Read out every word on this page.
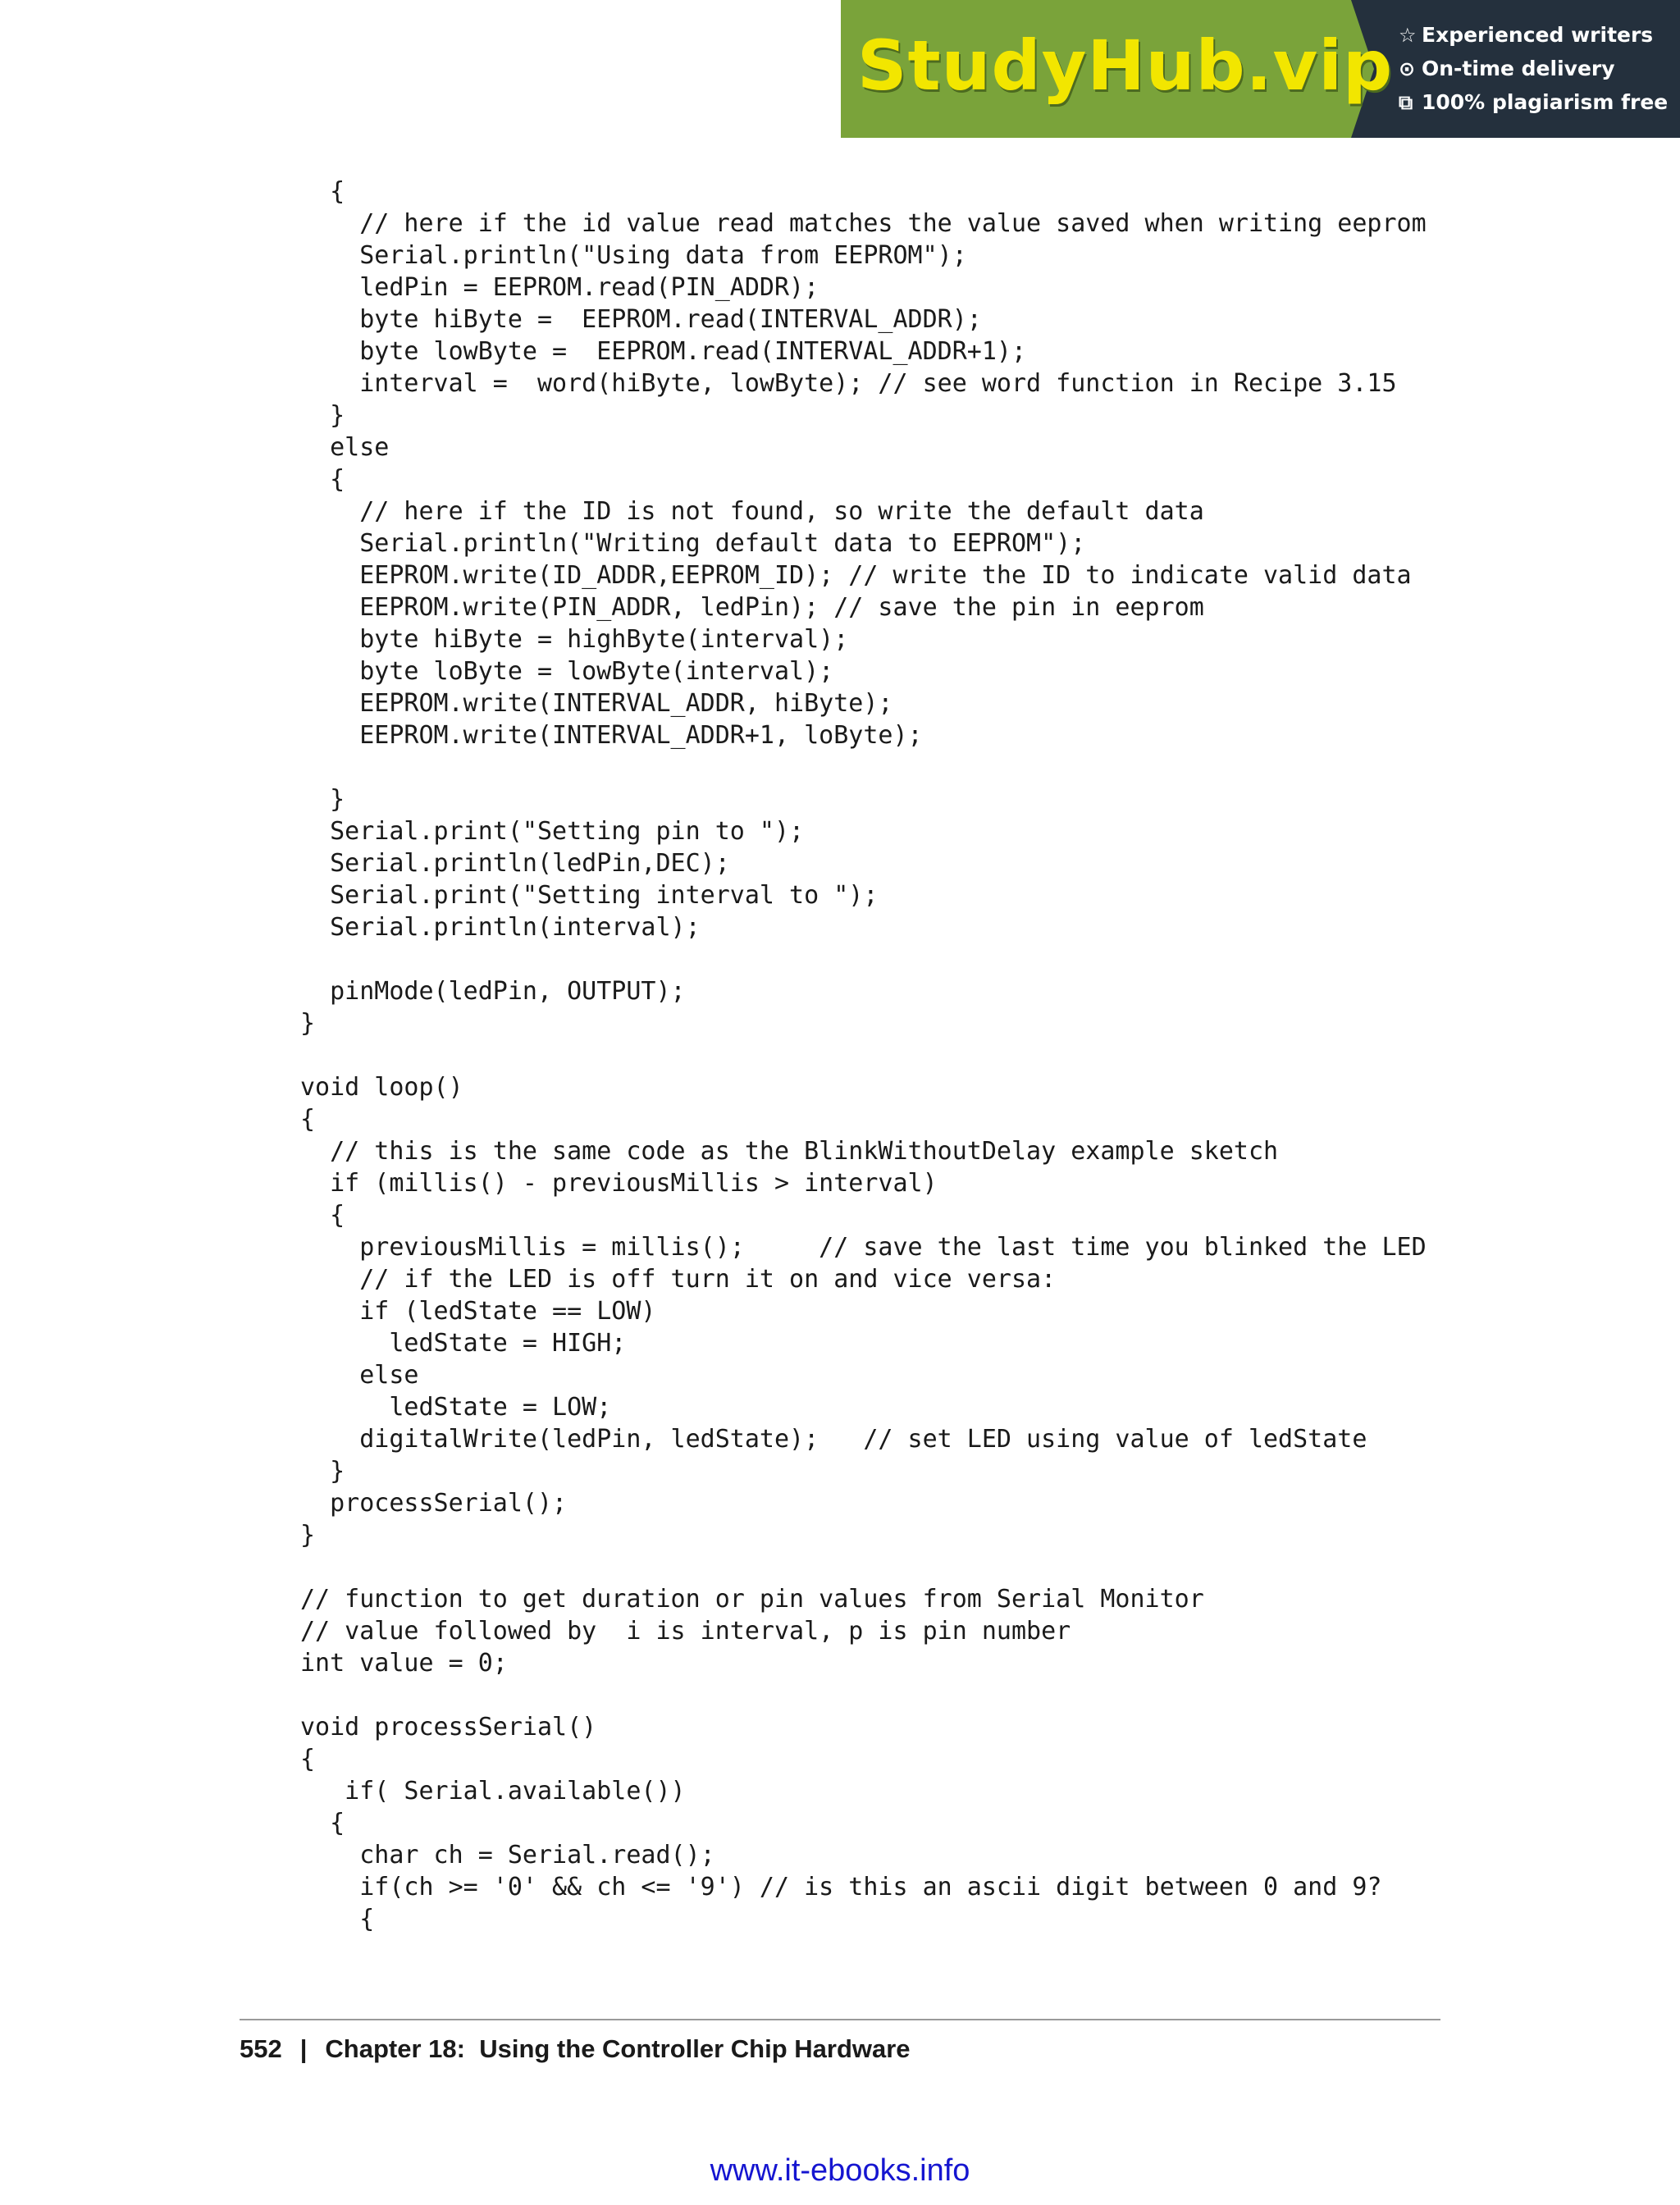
StudyHub.vip ☆ Experienced writers
⊙ On-time delivery
⧉ 100% plagiarism free
{
// here if the id value read matches the value saved when writing eeprom
Serial.println("Using data from EEPROM");
ledPin = EEPROM.read(PIN_ADDR);
byte hiByte =  EEPROM.read(INTERVAL_ADDR);
byte lowByte =  EEPROM.read(INTERVAL_ADDR+1);
interval =  word(hiByte, lowByte); // see word function in Recipe 3.15
}
else
{
// here if the ID is not found, so write the default data
Serial.println("Writing default data to EEPROM");
EEPROM.write(ID_ADDR,EEPROM_ID); // write the ID to indicate valid data
EEPROM.write(PIN_ADDR, ledPin); // save the pin in eeprom
byte hiByte = highByte(interval);
byte loByte = lowByte(interval);
EEPROM.write(INTERVAL_ADDR, hiByte);
EEPROM.write(INTERVAL_ADDR+1, loByte);
}
Serial.print("Setting pin to ");
Serial.println(ledPin,DEC);
Serial.print("Setting interval to ");
Serial.println(interval);
pinMode(ledPin, OUTPUT);
}
void loop()
{
// this is the same code as the BlinkWithoutDelay example sketch
if (millis() - previousMillis > interval)
{
previousMillis = millis();     // save the last time you blinked the LED
// if the LED is off turn it on and vice versa:
if (ledState == LOW)
ledState = HIGH;
else
ledState = LOW;
digitalWrite(ledPin, ledState);   // set LED using value of ledState
}
processSerial();
}
// function to get duration or pin values from Serial Monitor
// value followed by  i is interval, p is pin number
int value = 0;
void processSerial()
{
if( Serial.available())
{
char ch = Serial.read();
if(ch >= '0' && ch <= '9') // is this an ascii digit between 0 and 9?
{
552 | Chapter 18: Using the Controller Chip Hardware
www.it-ebooks.info
